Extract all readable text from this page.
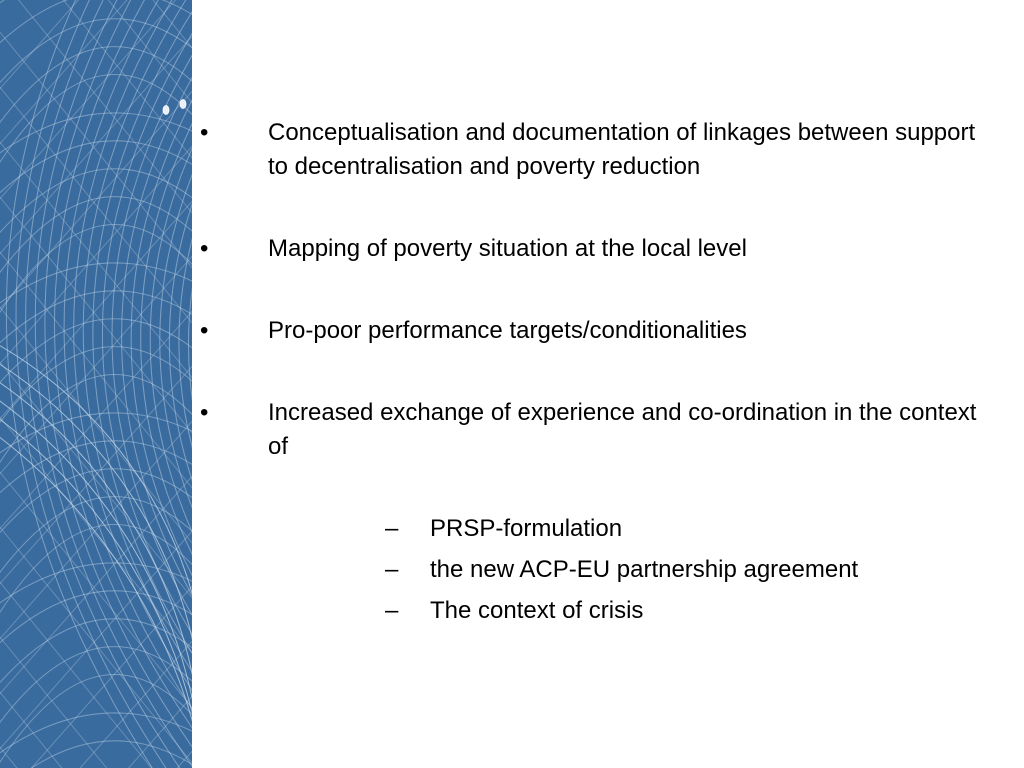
•	Conceptualisation and documentation of linkages between support to decentralisation and poverty reduction
•	Mapping of poverty situation at the local level
•	Pro-poor performance targets/conditionalities
•	Increased exchange of experience and co-ordination in the context of
– PRSP-formulation
– the new ACP-EU partnership agreement
– The context of crisis
